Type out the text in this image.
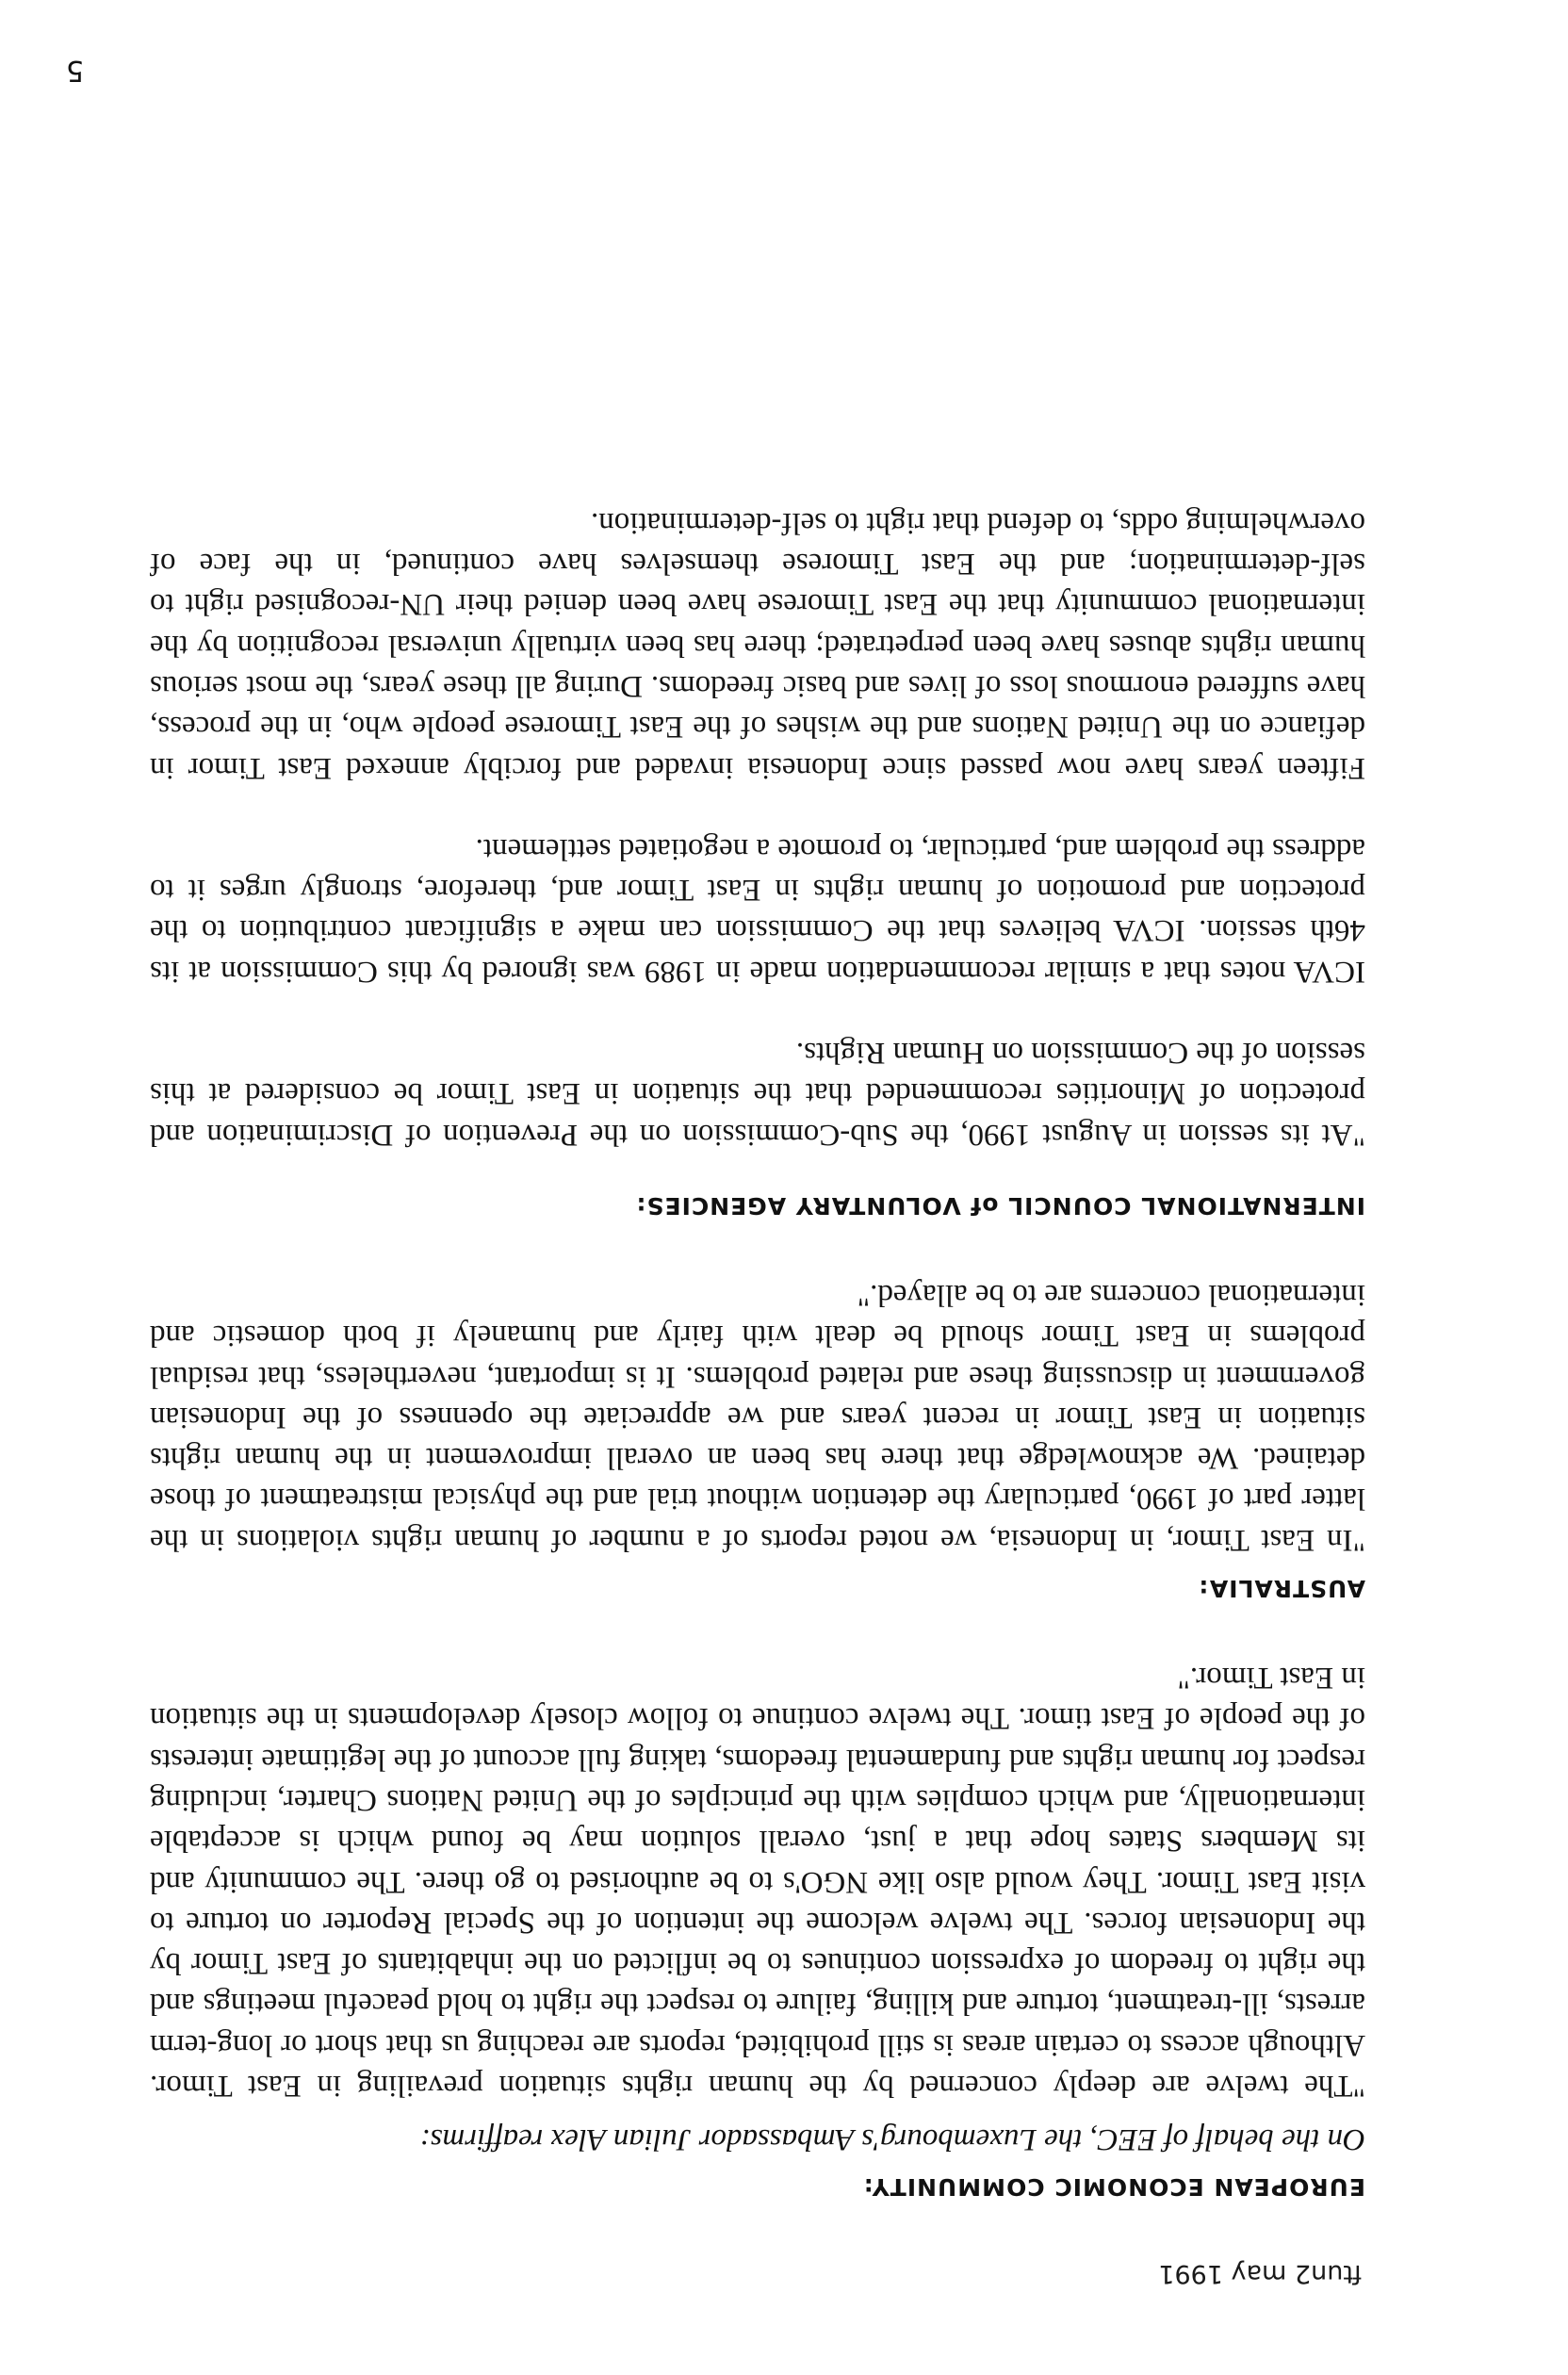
ftun2 may 1991
EUROPEAN ECONOMIC COMMUNITY:
On the behalf of EEC, the Luxembourg's Ambassador Julian Alex reaffirms:

"The twelve are deeply concerned by the human rights situation prevailing in East Timor. Although access to certain areas is still prohibited, reports are reaching us that short or long-term arrests, ill-treatment, torture and killing, failure to respect the right to hold peaceful meetings and the right to freedom of expression continues to be inflicted on the inhabitants of East Timor by the Indonesian forces. The twelve welcome the intention of the Special Reporter on torture to visit East Timor. They would also like NGO's to be authorised to go there. The community and its Members States hope that a just, overall solution may be found which is acceptable internationally, and which complies with the principles of the United Nations Charter, including respect for human rights and fundamental freedoms, taking full account of the legitimate interests of the people of East timor. The twelve continue to follow closely developments in the situation in East Timor."

AUSTRALIA:

"In East Timor, in Indonesia, we noted reports of a number of human rights violations in the latter part of 1990, particulary the detention without trial and the physical mistreatment of those detained. We acknowledge that there has been an overall improvement in the human rights situation in East Timor in recent years and we appreciate the openness of the Indonesian government in discussing these and related problems. It is important, nevertheless, that residual problems in East Timor should be dealt with fairly and humanely if both domestic and international concerns are to be allayed."

INTERNATIONAL COUNCIL of VOLUNTARY AGENCIES:

"At its session in August 1990, the Sub-Commission on the Prevention of Discrimination and protection of Minorities recommended that the situation in East Timor be considered at this session of the Commission on Human Rights.

ICVA notes that a similar recommendation made in 1989 was ignored by this Commission at its 46th session. ICVA believes that the Commission can make a significant contribution to the protection and promotion of human rights in East Timor and, therefore, strongly urges it to address the problem and, particular, to promote a negotiated settlement.

Fifteen years have now passed since Indonesia invaded and forcibly annexed East Timor in defiance on the United Nations and the wishes of the East Timorese people who, in the process, have suffered enormous loss of lives and basic freedoms. During all these years, the most serious human rights abuses have been perpetrated; there has been virtually universal recognition by the international community that the East Timorese have been denied their UN-recognised right to self-determination; and the East Timorese themselves have continued, in the face of overwhelming odds, to defend that right to self-determination.

5
